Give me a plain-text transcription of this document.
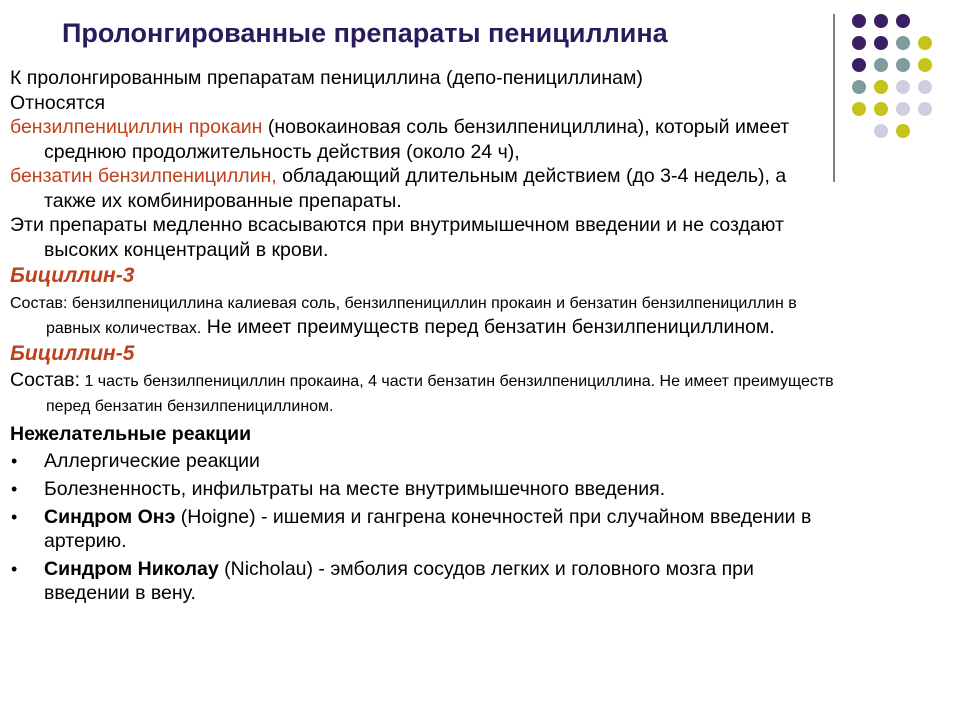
Пролонгированные препараты пенициллина

К пролонгированным препаратам пенициллина (депо-пенициллинам)

Относятся

бензилпенициллин прокаин (новокаиновая соль бензилпенициллина), который имеет среднюю продолжительность действия (около 24 ч),

бензатин бензилпенициллин, обладающий длительным действием (до 3-4 недель), а также их комбинированные препараты.

Эти препараты медленно всасываются при внутримышечном введении и не создают высоких концентраций в крови.

Бициллин-3

Состав: бензилпенициллина калиевая соль, бензилпенициллин прокаин и бензатин бензилпенициллин в равных количествах. Не имеет преимуществ перед бензатин бензилпенициллином.

Бициллин-5

Состав: 1 часть бензилпенициллин прокаина, 4 части бензатин бензилпенициллина. Не имеет преимуществ перед бензатин бензилпенициллином.

Нежелательные реакции

• Аллергические реакции
• Болезненность, инфильтраты на месте внутримышечного введения.
• Синдром Онэ (Hoigne) - ишемия и гангрена конечностей при случайном введении в артерию.
• Синдром Николау (Nicholau) - эмболия сосудов легких и головного мозга при введении в вену.
